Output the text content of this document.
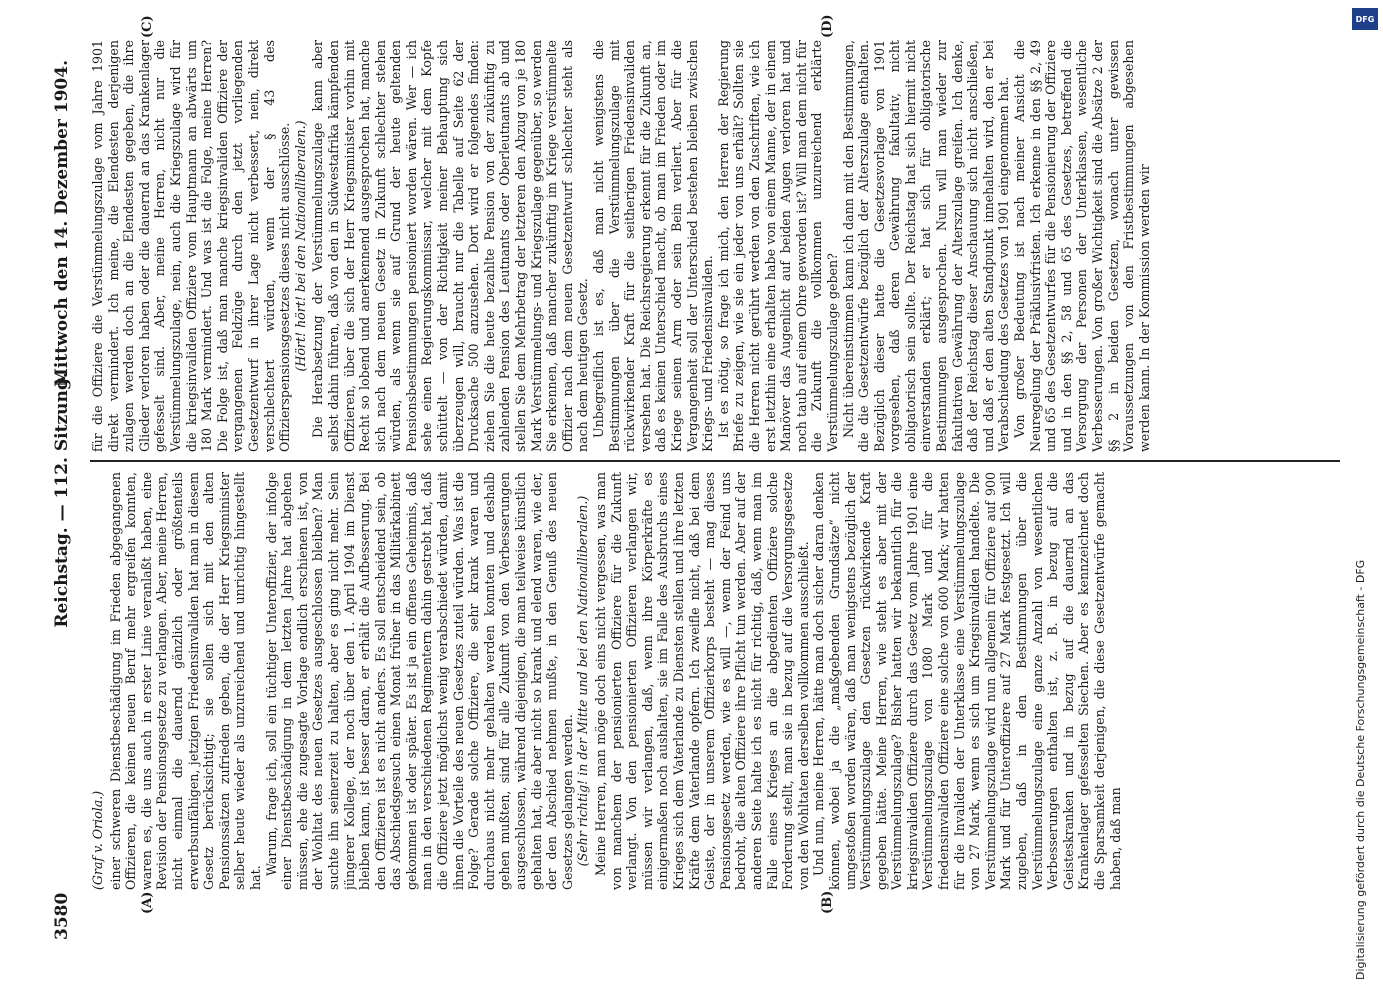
3580
Reichstag. — 112. Sitzung.
Mittwoch den 14. Dezember 1904.
(A)	(B)
(C)	(D)

(Graf v. Oriola.) einer schweren Dienstbeschädigung im Frieden abgegangenen Offizieren, die keinen neuen Beruf mehr ergreifen konnten, waren es, die uns auch in erster Linie veranlaßt haben, eine Revision der Pensionsgesetze zu verlangen. Aber, meine Herren, nicht einmal die dauernd gänzlich oder größtenteils erwerbsunfähigen, jetzigen Friedensinvaliden hat man in diesem Gesetz berücksichtigt; sie sollen sich mit den alten Pensionssätzen zufrieden geben, die der Herr Kriegsminister selber heute wieder als unzureichend und unrichtig hingestellt hat.

Warum, frage ich, soll ein tüchtiger Unteroffizier, der infolge einer Dienstbeschädigung in dem letzten Jahre hat abgehen müssen, ehe die zugesagte Vorlage endlich erschienen ist, von der Wohltat des neuen Gesetzes ausgeschlossen bleiben? Man suchte ihn seinerzeit zu halten, aber es ging nicht mehr. Sein jüngerer Kollege, der noch über den 1. April 1904 im Dienst bleiben kann, ist besser daran, er erhält die Aufbesserung. Bei den Offizieren ist es nicht anders. Es soll entscheidend sein, ob das Abschiedsgesuch einen Monat früher in das Militärkabinett gekommen ist oder später. Es ist ja ein offenes Geheimnis, daß man in den verschiedenen Regimentern dahin gestrebt hat, daß die Offiziere jetzt möglichst wenig verabschiedet würden, damit ihnen die Vorteile des neuen Gesetzes zuteil würden. Was ist die Folge? Gerade solche Offiziere, die sehr krank waren und durchaus nicht mehr gehalten werden konnten und deshalb gehen mußten, sind für alle Zukunft von den Verbesserungen ausgeschlossen, während diejenigen, die man teilweise künstlich gehalten hat, die aber nicht so krank und elend waren, wie der, der den Abschied nehmen mußte, in den Genuß des neuen Gesetzes gelangen werden. (Sehr richtig! in der Mitte und bei den Nationalliberalen.) Meine Herren, man möge doch eins nicht vergessen, was man von manchem der pensionierten Offiziere für die Zukunft verlangt. Von den pensionierten Offizieren verlangen wir, müssen wir verlangen, daß, wenn ihre Körperkräfte es einigermaßen noch aushalten, sie im Falle des Ausbruchs eines Krieges sich dem Vaterlande zu Diensten stellen und ihre letzten Kräfte dem Vaterlande opfern. Ich zweifle nicht, daß bei dem Geiste, der in unserem Offizierkorps besteht — mag dieses Pensionsgesetz werden, wie es will —, wenn der Feind uns bedroht, die alten Offiziere ihre Pflicht tun werden. Aber auf der anderen Seite halte ich es nicht für richtig, daß, wenn man im Falle eines Krieges an die abgedienten Offiziere solche Forderung stellt, man sie in bezug auf die Versorgungsgesetze von den Wohltaten derselben vollkommen ausschließt. Und nun, meine Herren, hätte man doch sicher daran denken können, wobei ja die „maßgebenden Grundsätze“ nicht umgestoßen worden wären, daß man wenigstens bezüglich der Verstümmelungszulage den Gesetzen rückwirkende Kraft gegeben hätte. Meine Herren, wie steht es aber mit der Verstümmelungszulage? Bisher hatten wir bekanntlich für die kriegsinvaliden Offiziere durch das Gesetz vom Jahre 1901 eine Verstümmelungszulage von 1080 Mark und für die friedensinvaliden Offiziere eine solche von 600 Mark; wir hatten für die Invaliden der Unterklasse eine Verstümmelungszulage von 27 Mark, wenn es sich um Kriegsinvaliden handelte. Die Verstümmelungszulage wird nun allgemein für Offiziere auf 900 Mark und für Unteroffiziere auf 27 Mark festgesetzt. Ich will zugeben, daß in den Bestimmungen über die Verstümmelungszulage eine ganze Anzahl von wesentlichen Verbesserungen enthalten ist, z. B. in bezug auf die Geisteskranken und in bezug auf die dauernd an das Krankenlager gefesselten Siechen. Aber es kennzeichnet doch die Sparsamkeit derjenigen, die diese Gesetzentwürfe gemacht haben, daß man

für die Offiziere die Verstümmelungszulage vom Jahre 1901 direkt vermindert. Ich meine, die Elendesten derjenigen zulagen werden doch an die Elendesten gegeben, die ihre Glieder verloren haben oder die dauernd an das Krankenlager gefesselt sind. Aber, meine Herren, nicht nur die Verstümmelungszulage, nein, auch die Kriegszulage wird für die kriegsinvaliden Offiziere vom Hauptmann an abwärts um 180 Mark vermindert. Und was ist die Folge, meine Herren? Die Folge ist, daß man manche kriegsinvaliden Offiziere der vergangenen Feldzüge durch den jetzt vorliegenden Gesetzentwurf in ihrer Lage nicht verbessert, nein, direkt verschlechtert würden, wenn der § 43 des Offizierspensionsgesetzes dieses nicht ausschlösse. (Hört! hört! bei den Nationalliberalen.) Die Herabsetzung der Verstümmelungszulage kann aber selbst dahin führen, daß von den in Südwestafrika kämpfenden Offizieren, über die sich der Herr Kriegsminister vorhin mit Recht so lobend und anerkennend ausgesprochen hat, manche sich nach dem neuen Gesetz in Zukunft schlechter stehen würden, als wenn sie auf Grund der heute geltenden Pensionsbestimmungen pensioniert worden wären. Wer — ich sehe einen Regierungskommissar, welcher mit dem Kopfe schüttelt — von der Richtigkeit meiner Behauptung sich überzeugen will, braucht nur die Tabelle auf Seite 62 der Drucksache 500 anzusehen. Dort wird er folgendes finden: ziehen Sie die heute bezahlte Pension von der zukünftig zu zahlenden Pension des Leutnants oder Oberleutnants ab und stellen Sie dem Mehrbetrag der letzteren den Abzug von je 180 Mark Verstümmelungs- und Kriegszulage gegenüber, so werden Sie erkennen, daß mancher zukünftig im Kriege verstümmelte Offizier nach dem neuen Gesetzentwurf schlechter steht als nach dem heutigen Gesetz. Unbegreiflich ist es, daß man nicht wenigstens die Bestimmungen über die Verstümmelungszulage mit rückwirkender Kraft für die seitherigen Friedensinvaliden versehen hat. Die Reichsregierung erkennt für die Zukunft an, daß es keinen Unterschied macht, ob man im Frieden oder im Kriege seinen Arm oder sein Bein verliert. Aber für die Vergangenheit soll der Unterschied bestehen bleiben zwischen Kriegs- und Friedensinvaliden. Ist es nötig, so frage ich mich, den Herren der Regierung Briefe zu zeigen, wie sie ein jeder von uns erhält? Sollten sie die Herren nicht gerührt werden von den Zuschriften, wie ich erst letzthin eine erhalten habe von einem Manne, der in einem Manöver das Augenlicht auf beiden Augen verloren hat und noch taub auf einem Ohre geworden ist? Will man dem nicht für die Zukunft die vollkommen unzureichend erklärte Verstümmelungszulage geben? Nicht übereinstimmen kann ich dann mit den Bestimmungen, die die Gesetzentwürfe bezüglich der Alterszulage enthalten. Bezüglich dieser hatte die Gesetzesvorlage von 1901 vorgesehen, daß deren Gewährung fakultativ, nicht obligatorisch sein sollte. Der Reichstag hat sich hiermit nicht einverstanden erklärt; er hat sich für obligatorische Bestimmungen ausgesprochen. Nun will man wieder zur fakultativen Gewährung der Alterszulage greifen. Ich denke, daß der Reichstag dieser Anschauung sich nicht anschließen, und daß er den alten Standpunkt innehalten wird, den er bei Verabschiedung des Gesetzes von 1901 eingenommen hat. Von großer Bedeutung ist nach meiner Ansicht die Neuregelung der Präklusivfristen. Ich erkenne in den §§ 2, 49 und 65 des Gesetzentwurfes für die Pensionierung der Offiziere und in den §§ 2, 58 und 65 des Gesetzes, betreffend die Versorgung der Personen der Unterklassen, wesentliche Verbesserungen. Von großer Wichtigkeit sind die Absätze 2 der §§ 2 in beiden Gesetzen, wonach unter gewissen Voraussetzungen von den Fristbestimmungen abgesehen werden kann. In der Kommission werden wir

DFG
Digitalisierung gefördert durch die Deutsche Forschungsgemeinschaft - DFG
